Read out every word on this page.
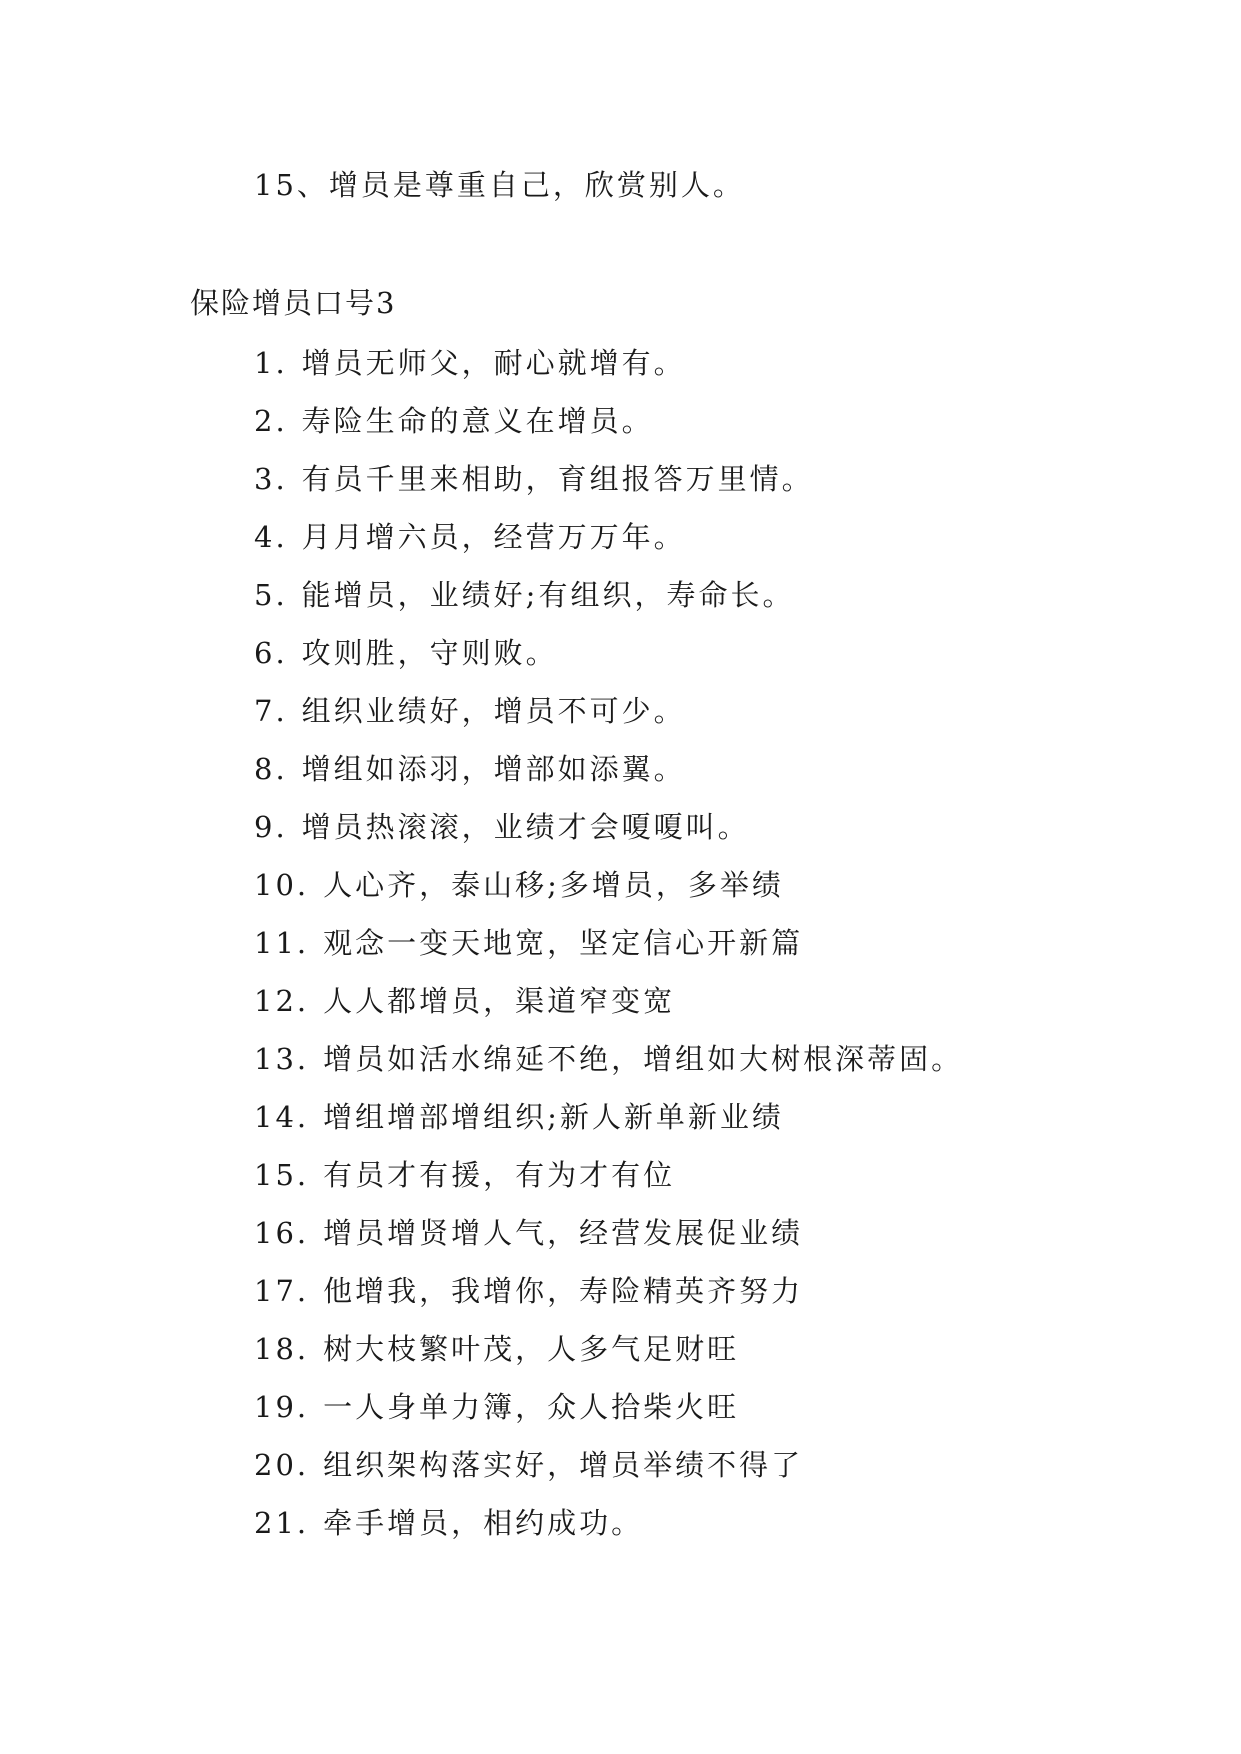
15、增员是尊重自己，欣赏别人。
保险增员口号3
1. 增员无师父，耐心就增有。
2. 寿险生命的意义在增员。
3. 有员千里来相助，育组报答万里情。
4. 月月增六员，经营万万年。
5. 能增员，业绩好;有组织，寿命长。
6. 攻则胜，守则败。
7. 组织业绩好，增员不可少。
8. 增组如添羽，增部如添翼。
9. 增员热滚滚，业绩才会嗄嗄叫。
10. 人心齐，泰山移;多增员，多举绩
11. 观念一变天地宽，坚定信心开新篇
12. 人人都增员，渠道窄变宽
13. 增员如活水绵延不绝，增组如大树根深蒂固。
14. 增组增部增组织;新人新单新业绩
15. 有员才有援，有为才有位
16. 增员增贤增人气，经营发展促业绩
17. 他增我，我增你，寿险精英齐努力
18. 树大枝繁叶茂，人多气足财旺
19. 一人身单力簿，众人拾柴火旺
20. 组织架构落实好，增员举绩不得了
21. 牵手增员，相约成功。
